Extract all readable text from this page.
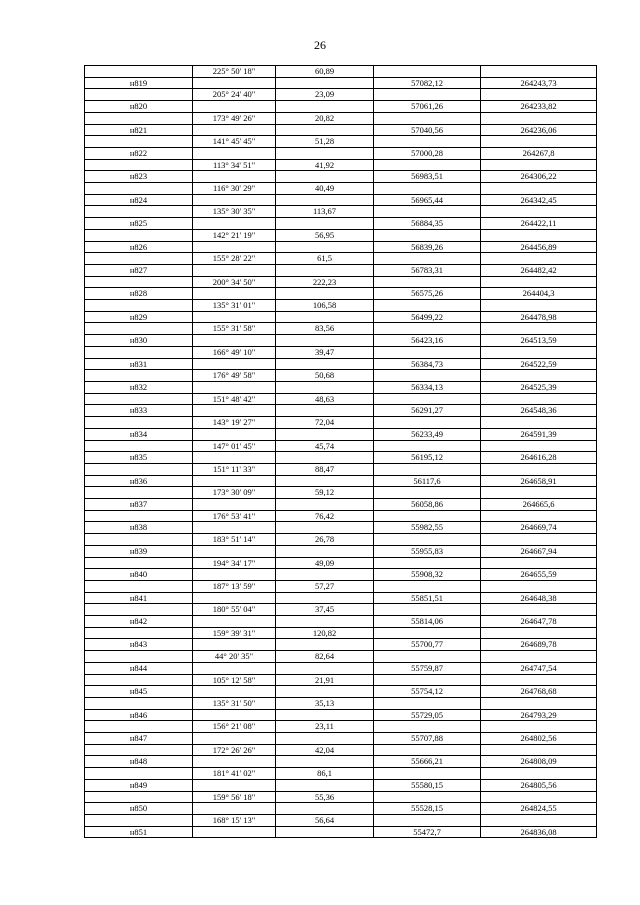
26
	225° 50' 18"	60,89		
н819			57082,12	264243,73
	205° 24' 40"	23,09		
н820			57061,26	264233,82
	173° 49' 26"	20,82		
н821			57040,56	264236,06
	141° 45' 45"	51,28		
н822			57000,28	264267,8
	113° 34' 51"	41,92		
н823			56983,51	264306,22
	116° 30' 29"	40,49		
н824			56965,44	264342,45
	135° 30' 35"	113,67		
н825			56884,35	264422,11
	142° 21' 19"	56,95		
н826			56839,26	264456,89
	155° 28' 22"	61,5		
н827			56783,31	264482,42
	200° 34' 50"	222,23		
н828			56575,26	264404,3
	135° 31' 01"	106,58		
н829			56499,22	264478,98
	155° 31' 58"	83,56		
н830			56423,16	264513,59
	166° 49' 10"	39,47		
н831			56384,73	264522,59
	176° 49' 58"	50,68		
н832			56334,13	264525,39
	151° 48' 42"	48,63		
н833			56291,27	264548,36
	143° 19' 27"	72,04		
н834			56233,49	264591,39
	147° 01' 45"	45,74		
н835			56195,12	264616,28
	151° 11' 33"	88,47		
н836			56117,6	264658,91
	173° 30' 09"	59,12		
н837			56058,86	264665,6
	176° 53' 41"	76,42		
н838			55982,55	264669,74
	183° 51' 14"	26,78		
н839			55955,83	264667,94
	194° 34' 17"	49,09		
н840			55908,32	264655,59
	187° 13' 59"	57,27		
н841			55851,51	264648,38
	180° 55' 04"	37,45		
н842			55814,06	264647,78
	159° 39' 31"	120,82		
н843			55700,77	264689,78
	44° 20' 35"	82,64		
н844			55759,87	264747,54
	105° 12' 58"	21,91		
н845			55754,12	264768,68
	135° 31' 50"	35,13		
н846			55729,05	264793,29
	156° 21' 08"	23,11		
н847			55707,88	264802,56
	172° 26' 26"	42,04		
н848			55666,21	264808,09
	181° 41' 02"	86,1		
н849			55580,15	264805,56
	159° 56' 18"	55,36		
н850			55528,15	264824,55
	168° 15' 13"	56,64		
н851			55472,7	264836,08
